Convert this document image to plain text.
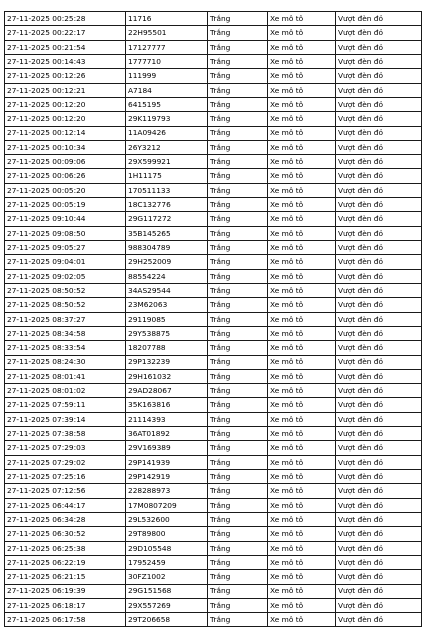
27-11-2025 00:25:28	11716	Trắng	Xe mô tô	Vượt đèn đỏ
27-11-2025 00:22:17	22H95501	Trắng	Xe mô tô	Vượt đèn đỏ
27-11-2025 00:21:54	17127777	Trắng	Xe mô tô	Vượt đèn đỏ
27-11-2025 00:14:43	1777710	Trắng	Xe mô tô	Vượt đèn đỏ
27-11-2025 00:12:26	111999	Trắng	Xe mô tô	Vượt đèn đỏ
27-11-2025 00:12:21	A7184	Trắng	Xe mô tô	Vượt đèn đỏ
27-11-2025 00:12:20	6415195	Trắng	Xe mô tô	Vượt đèn đỏ
27-11-2025 00:12:20	29K119793	Trắng	Xe mô tô	Vượt đèn đỏ
27-11-2025 00:12:14	11A09426	Trắng	Xe mô tô	Vượt đèn đỏ
27-11-2025 00:10:34	26Y3212	Trắng	Xe mô tô	Vượt đèn đỏ
27-11-2025 00:09:06	29X599921	Trắng	Xe mô tô	Vượt đèn đỏ
27-11-2025 00:06:26	1H11175	Trắng	Xe mô tô	Vượt đèn đỏ
27-11-2025 00:05:20	170511133	Trắng	Xe mô tô	Vượt đèn đỏ
27-11-2025 00:05:19	18C132776	Trắng	Xe mô tô	Vượt đèn đỏ
27-11-2025 09:10:44	29G117272	Trắng	Xe mô tô	Vượt đèn đỏ
27-11-2025 09:08:50	35B145265	Trắng	Xe mô tô	Vượt đèn đỏ
27-11-2025 09:05:27	988304789	Trắng	Xe mô tô	Vượt đèn đỏ
27-11-2025 09:04:01	29H252009	Trắng	Xe mô tô	Vượt đèn đỏ
27-11-2025 09:02:05	88554224	Trắng	Xe mô tô	Vượt đèn đỏ
27-11-2025 08:50:52	34AS29544	Trắng	Xe mô tô	Vượt đèn đỏ
27-11-2025 08:50:52	23M62063	Trắng	Xe mô tô	Vượt đèn đỏ
27-11-2025 08:37:27	29119085	Trắng	Xe mô tô	Vượt đèn đỏ
27-11-2025 08:34:58	29Y538875	Trắng	Xe mô tô	Vượt đèn đỏ
27-11-2025 08:33:54	18207788	Trắng	Xe mô tô	Vượt đèn đỏ
27-11-2025 08:24:30	29P132239	Trắng	Xe mô tô	Vượt đèn đỏ
27-11-2025 08:01:41	29H161032	Trắng	Xe mô tô	Vượt đèn đỏ
27-11-2025 08:01:02	29AD28067	Trắng	Xe mô tô	Vượt đèn đỏ
27-11-2025 07:59:11	35K163816	Trắng	Xe mô tô	Vượt đèn đỏ
27-11-2025 07:39:14	21114393	Trắng	Xe mô tô	Vượt đèn đỏ
27-11-2025 07:38:58	36AT01892	Trắng	Xe mô tô	Vượt đèn đỏ
27-11-2025 07:29:03	29V169389	Trắng	Xe mô tô	Vượt đèn đỏ
27-11-2025 07:29:02	29P141939	Trắng	Xe mô tô	Vượt đèn đỏ
27-11-2025 07:25:16	29P142919	Trắng	Xe mô tô	Vượt đèn đỏ
27-11-2025 07:12:56	228288973	Trắng	Xe mô tô	Vượt đèn đỏ
27-11-2025 06:44:17	17M0807209	Trắng	Xe mô tô	Vượt đèn đỏ
27-11-2025 06:34:28	29L532600	Trắng	Xe mô tô	Vượt đèn đỏ
27-11-2025 06:30:52	29T89800	Trắng	Xe mô tô	Vượt đèn đỏ
27-11-2025 06:25:38	29D105548	Trắng	Xe mô tô	Vượt đèn đỏ
27-11-2025 06:22:19	17952459	Trắng	Xe mô tô	Vượt đèn đỏ
27-11-2025 06:21:15	30FZ1002	Trắng	Xe mô tô	Vượt đèn đỏ
27-11-2025 06:19:39	29G151568	Trắng	Xe mô tô	Vượt đèn đỏ
27-11-2025 06:18:17	29X557269	Trắng	Xe mô tô	Vượt đèn đỏ
27-11-2025 06:17:58	29T206658	Trắng	Xe mô tô	Vượt đèn đỏ
